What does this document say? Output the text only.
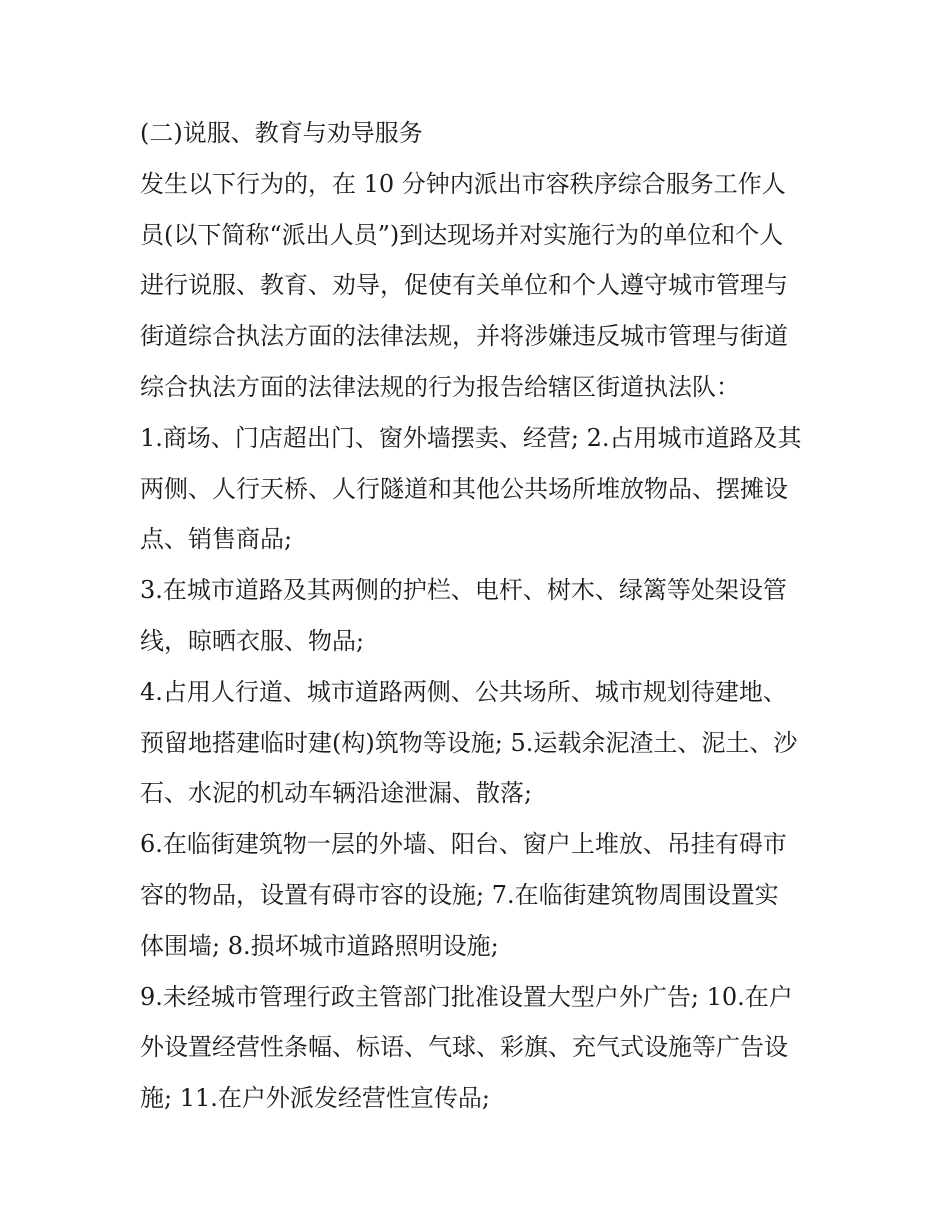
(二)说服、教育与劝导服务
发生以下行为的，在 10 分钟内派出市容秩序综合服务工作人
员(以下简称“派出人员”)到达现场并对实施行为的单位和个人
进行说服、教育、劝导，促使有关单位和个人遵守城市管理与
街道综合执法方面的法律法规，并将涉嫌违反城市管理与街道
综合执法方面的法律法规的行为报告给辖区街道执法队：
1.商场、门店超出门、窗外墙摆卖、经营; 2.占用城市道路及其
两侧、人行天桥、人行隧道和其他公共场所堆放物品、摆摊设
点、销售商品;
3.在城市道路及其两侧的护栏、电杆、树木、绿篱等处架设管
线，晾晒衣服、物品;
4.占用人行道、城市道路两侧、公共场所、城市规划待建地、
预留地搭建临时建(构)筑物等设施; 5.运载余泥渣土、泥土、沙
石、水泥的机动车辆沿途泄漏、散落;
6.在临街建筑物一层的外墙、阳台、窗户上堆放、吊挂有碍市
容的物品，设置有碍市容的设施; 7.在临街建筑物周围设置实
体围墙; 8.损坏城市道路照明设施;
9.未经城市管理行政主管部门批准设置大型户外广告; 10.在户
外设置经营性条幅、标语、气球、彩旗、充气式设施等广告设
施; 11.在户外派发经营性宣传品;
